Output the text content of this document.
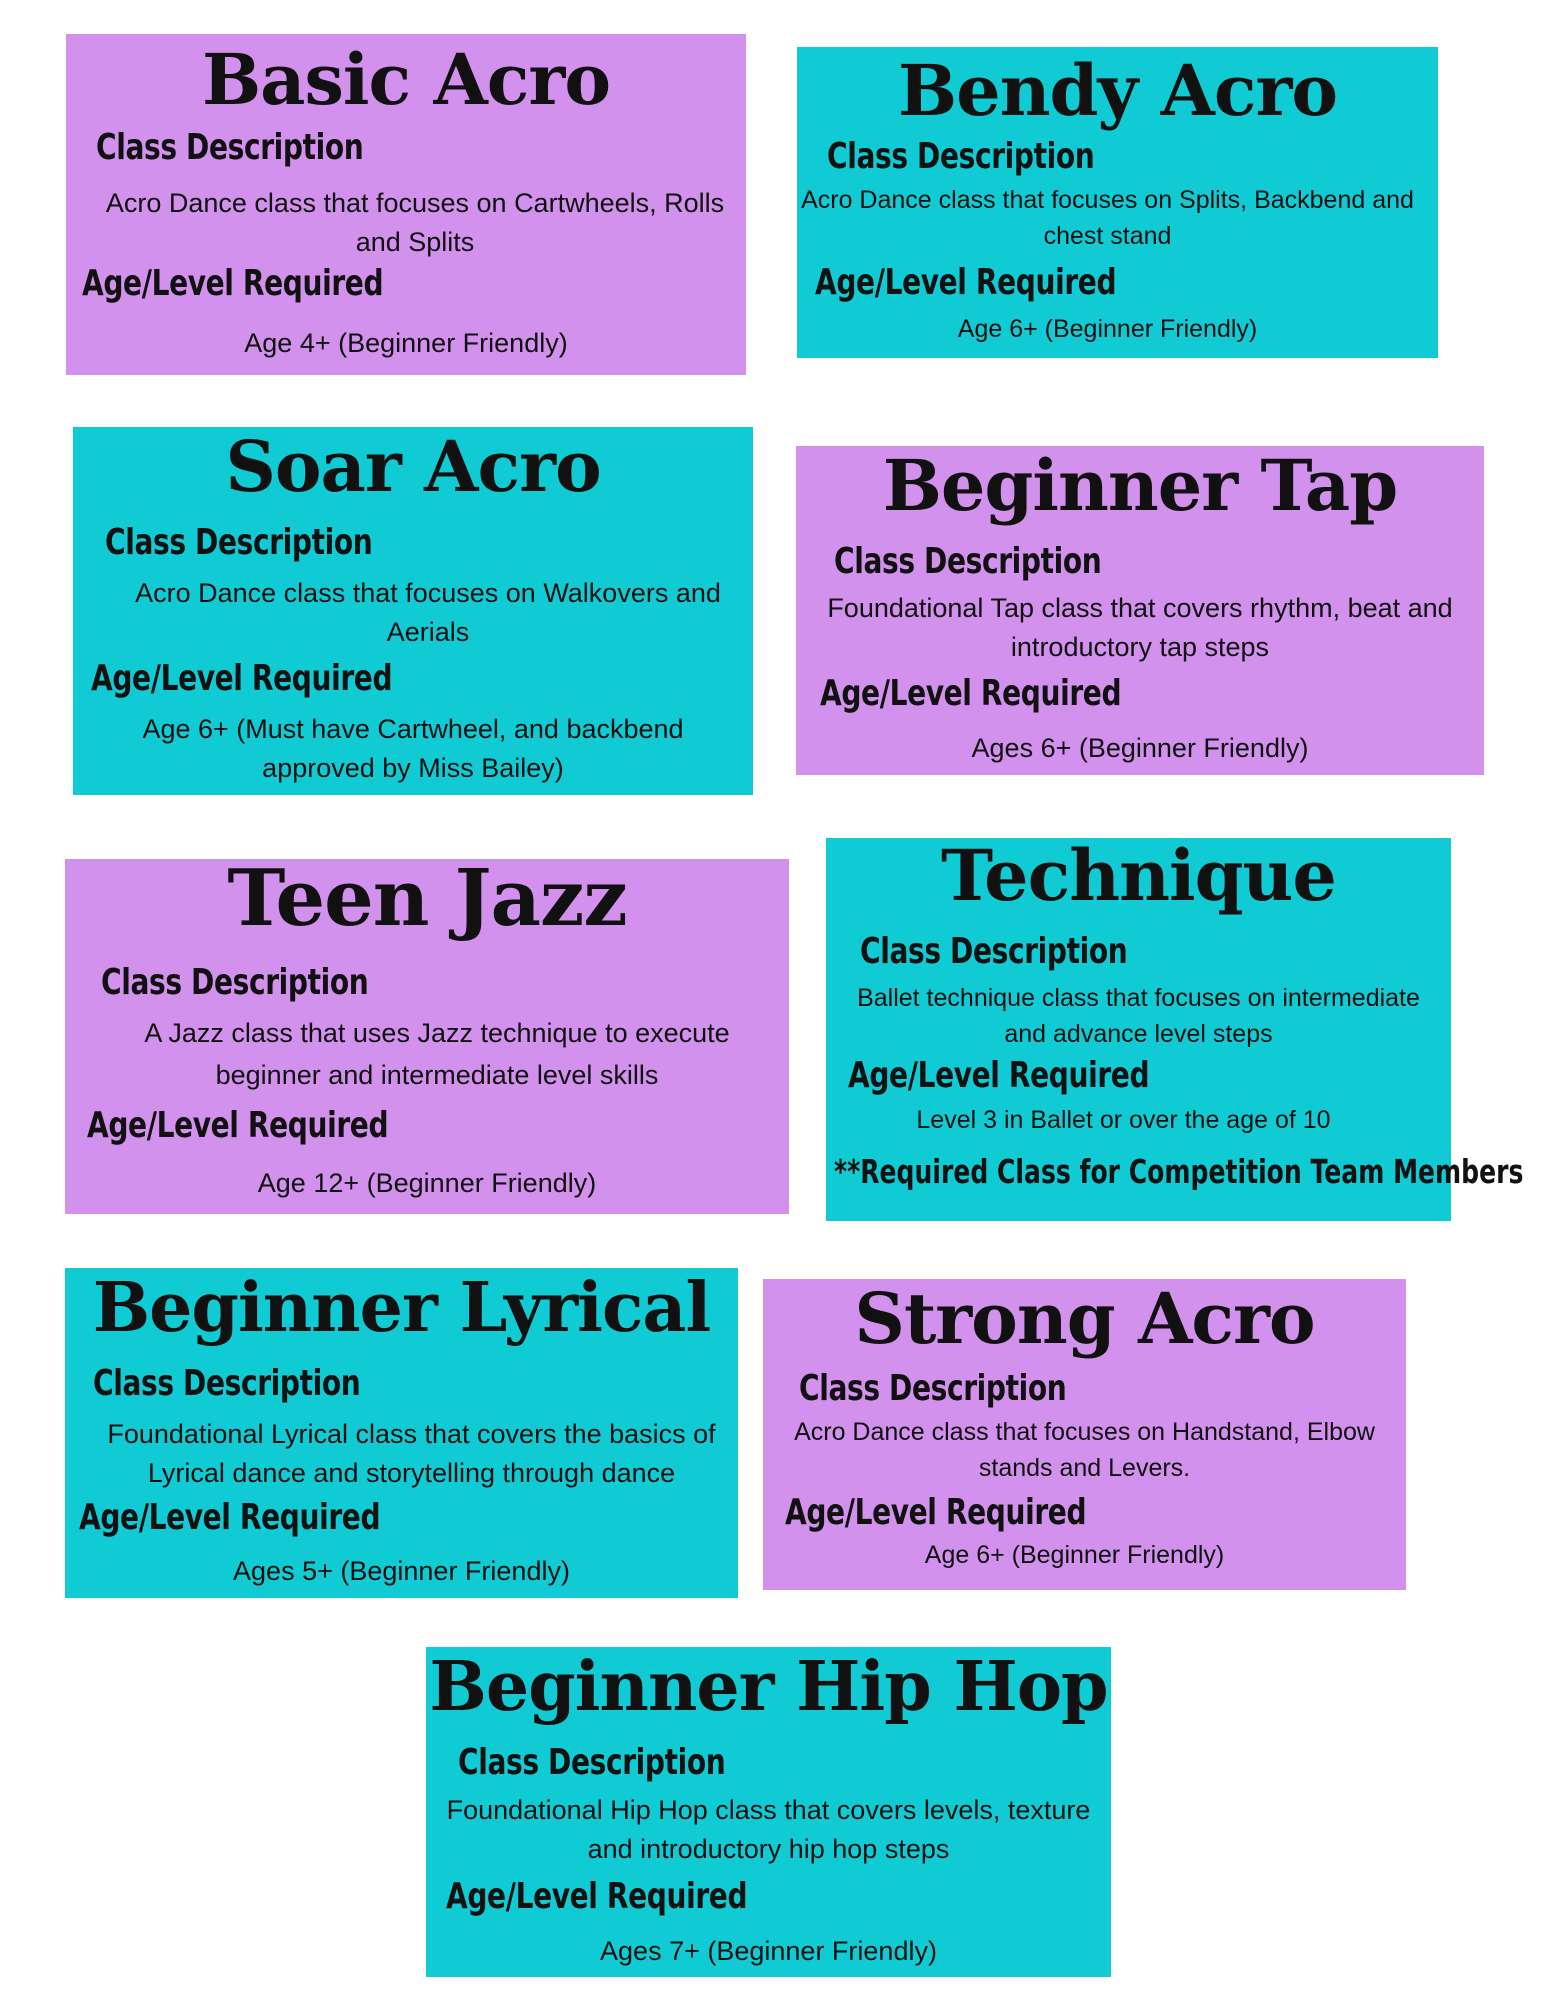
Basic Acro
Class Description

Acro Dance class that focuses on Cartwheels, Rolls and Splits

Age/Level Required

Age 4+ (Beginner Friendly)

Bendy Acro
Class Description

Acro Dance class that focuses on Splits, Backbend and chest stand

Age/Level Required

Age 6+ (Beginner Friendly)

Soar Acro
Class Description

Acro Dance class that focuses on Walkovers and Aerials

Age/Level Required

Age 6+ (Must have Cartwheel, and backbend approved by Miss Bailey)

Beginner Tap
Class Description

Foundational Tap class that covers rhythm, beat and introductory tap steps

Age/Level Required

Ages 6+ (Beginner Friendly)

Teen Jazz
Class Description

A Jazz class that uses Jazz technique to execute beginner and intermediate level skills

Age/Level Required

Age 12+ (Beginner Friendly)

Technique
Class Description

Ballet technique class that focuses on intermediate and advance level steps

Age/Level Required

Level 3 in Ballet or over the age of 10

**Required Class for Competition Team Members
Beginner Lyrical
Class Description

Foundational Lyrical class that covers the basics of Lyrical dance and storytelling through dance

Age/Level Required

Ages 5+ (Beginner Friendly)

Strong Acro
Class Description

Acro Dance class that focuses on Handstand, Elbow stands and Levers.

Age/Level Required

Age 6+ (Beginner Friendly)

Beginner Hip Hop
Class Description

Foundational Hip Hop class that covers levels, texture and introductory hip hop steps

Age/Level Required

Ages 7+ (Beginner Friendly)
